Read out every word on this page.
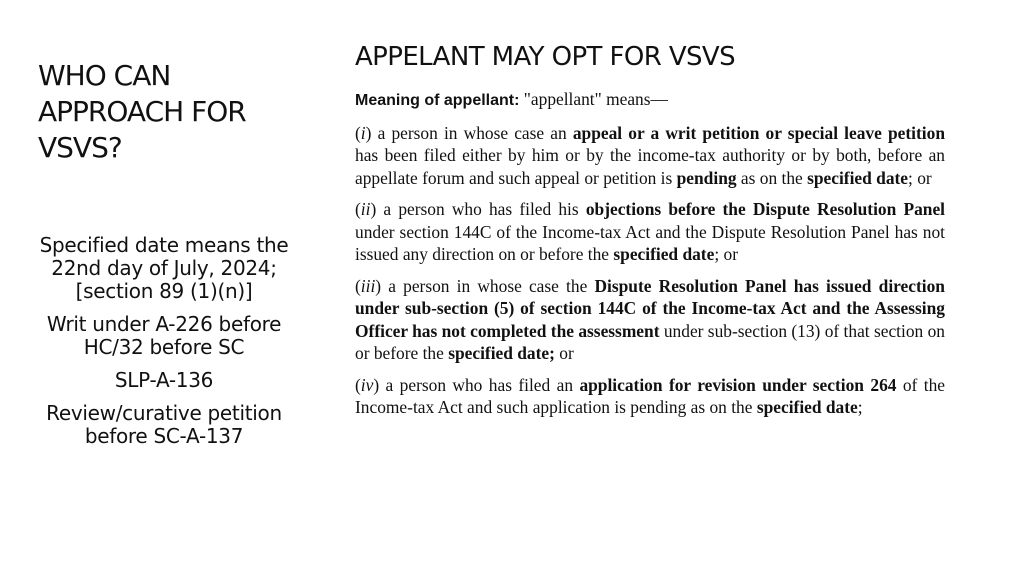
WHO CAN APPROACH FOR VSVS?

Specified date means the 22nd day of July, 2024; [section 89 (1)(n)]

Writ under A-226 before HC/32 before SC

SLP-A-136

Review/curative petition before SC-A-137

APPELANT MAY OPT FOR VSVS

Meaning of appellant: "appellant" means—

(i) a person in whose case an appeal or a writ petition or special leave petition has been filed either by him or by the income-tax authority or by both, before an appellate forum and such appeal or petition is pending as on the specified date; or

(ii) a person who has filed his objections before the Dispute Resolution Panel under section 144C of the Income-tax Act and the Dispute Resolution Panel has not issued any direction on or before the specified date; or

(iii) a person in whose case the Dispute Resolution Panel has issued direction under sub-section (5) of section 144C of the Income-tax Act and the Assessing Officer has not completed the assessment under sub-section (13) of that section on or before the specified date; or

(iv) a person who has filed an application for revision under section 264 of the Income-tax Act and such application is pending as on the specified date;
